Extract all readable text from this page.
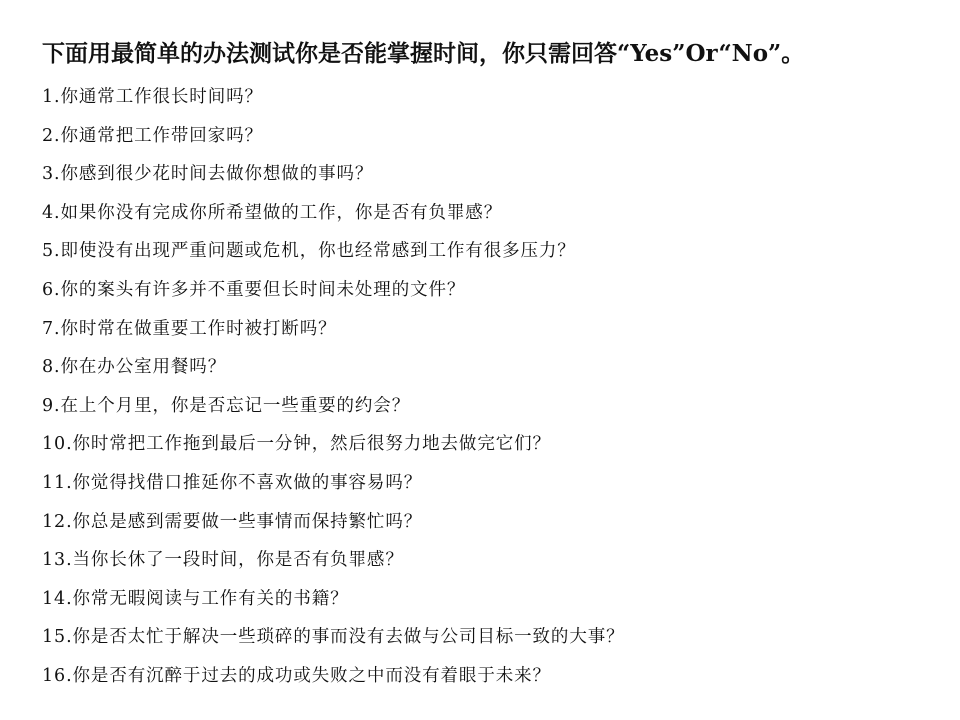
下面用最简单的办法测试你是否能掌握时间，你只需回答“Yes”Or“No”。
1.你通常工作很长时间吗？
2.你通常把工作带回家吗？
3.你感到很少花时间去做你想做的事吗？
4.如果你没有完成你所希望做的工作，你是否有负罪感？
5.即使没有出现严重问题或危机，你也经常感到工作有很多压力？
6.你的案头有许多并不重要但长时间未处理的文件？
7.你时常在做重要工作时被打断吗？
8.你在办公室用餐吗？
9.在上个月里，你是否忘记一些重要的约会？
10.你时常把工作拖到最后一分钟，然后很努力地去做完它们？
11.你觉得找借口推延你不喜欢做的事容易吗？
12.你总是感到需要做一些事情而保持繁忙吗？
13.当你长休了一段时间，你是否有负罪感？
14.你常无暇阅读与工作有关的书籍？
15.你是否太忙于解决一些琐碎的事而没有去做与公司目标一致的大事？
16.你是否有沉醉于过去的成功或失败之中而没有着眼于未来？
